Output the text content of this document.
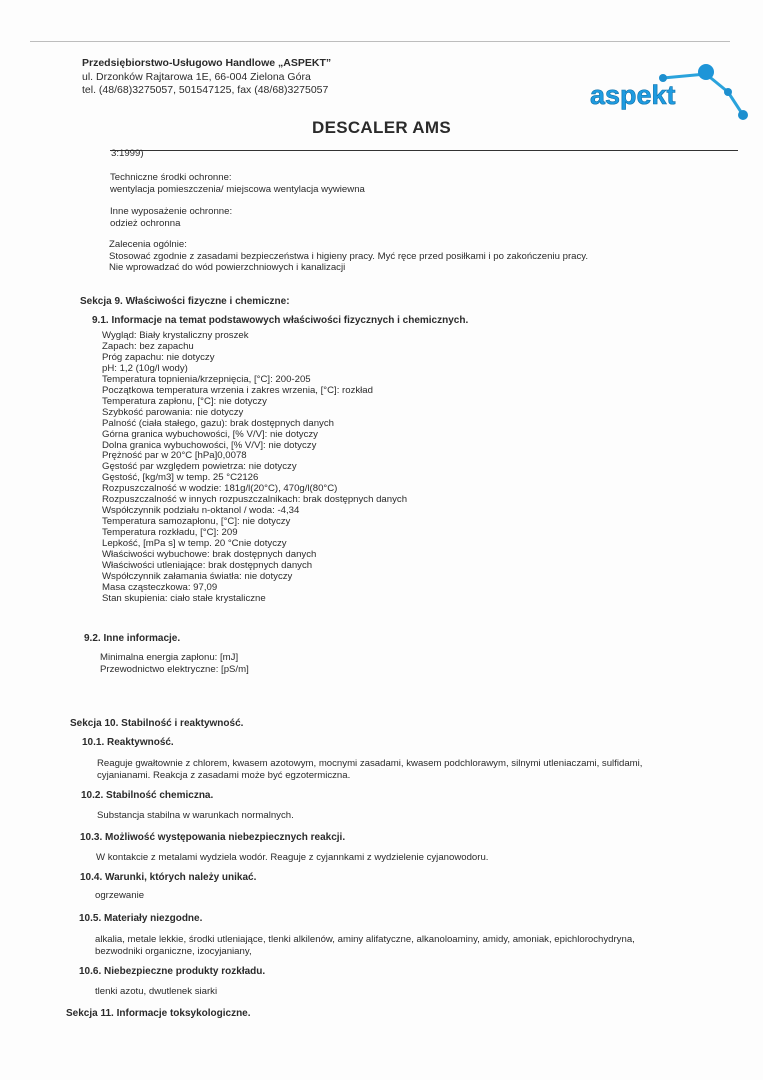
Przedsiębiorstwo-Usługowo Handlowe „ASPEKT”
ul. Drzonków Rajtarowa 1E, 66-004 Zielona Góra
tel. (48/68)3275057, 501547125, fax (48/68)3275057	aspekt
DESCALER AMS
3:1999)
Techniczne środki ochronne:
wentylacja pomieszczenia/ miejscowa wentylacja wywiewna
Inne wyposażenie ochronne:
odzież ochronna
Zalecenia ogólnie:
Stosować zgodnie z zasadami bezpieczeństwa i higieny pracy. Myć ręce przed posiłkami i po zakończeniu pracy.
Nie wprowadzać do wód powierzchniowych i kanalizacji
Sekcja 9. Właściwości fizyczne i chemiczne:
9.1. Informacje na temat podstawowych właściwości fizycznych i chemicznych.
Wygląd: Biały krystaliczny proszek
Zapach: bez zapachu
Próg zapachu: nie dotyczy
pH: 1,2 (10g/l wody)
Temperatura topnienia/krzepnięcia, [°C]: 200-205
Początkowa temperatura wrzenia i zakres wrzenia, [°C]: rozkład
Temperatura zapłonu, [°C]: nie dotyczy
Szybkość parowania: nie dotyczy
Palność (ciała stałego, gazu): brak dostępnych danych
Górna granica wybuchowości, [% V/V]: nie dotyczy
Dolna granica wybuchowości, [% V/V]: nie dotyczy
Prężność par w 20°C [hPa]0,0078
Gęstość par względem powietrza: nie dotyczy
Gęstość, [kg/m3] w temp. 25 °C2126
Rozpuszczalność w wodzie: 181g/l(20°C), 470g/l(80°C)
Rozpuszczalność w innych rozpuszczalnikach: brak dostępnych danych
Współczynnik podziału n-oktanol / woda: -4,34
Temperatura samozapłonu, [°C]: nie dotyczy
Temperatura rozkładu, [°C]: 209
Lepkość, [mPa s] w temp. 20 °Cnie dotyczy
Właściwości wybuchowe: brak dostępnych danych
Właściwości utleniające: brak dostępnych danych
Współczynnik załamania światła: nie dotyczy
Masa cząsteczkowa: 97,09
Stan skupienia: ciało stałe krystaliczne
9.2. Inne informacje.
Minimalna energia zapłonu: [mJ]
Przewodnictwo elektryczne: [pS/m]
Sekcja 10. Stabilność i reaktywność.
10.1. Reaktywność.
Reaguje gwałtownie z chlorem, kwasem azotowym, mocnymi zasadami, kwasem podchlorawym, silnymi utleniaczami, sulfidami,
cyjanianami. Reakcja z zasadami może być egzotermiczna.
10.2. Stabilność chemiczna.
Substancja stabilna w warunkach normalnych.
10.3. Możliwość występowania niebezpiecznych reakcji.
W kontakcie z metalami wydziela wodór. Reaguje z cyjannkami z wydzielenie cyjanowodoru.
10.4. Warunki, których należy unikać.
ogrzewanie
10.5. Materiały niezgodne.
alkalia, metale lekkie, środki utleniające, tlenki alkilenów, aminy alifatyczne, alkanoloaminy, amidy, amoniak, epichlorochydryna,
bezwodniki organiczne, izocyjaniany,
10.6. Niebezpieczne produkty rozkładu.
tlenki azotu, dwutlenek siarki
Sekcja 11. Informacje toksykologiczne.
